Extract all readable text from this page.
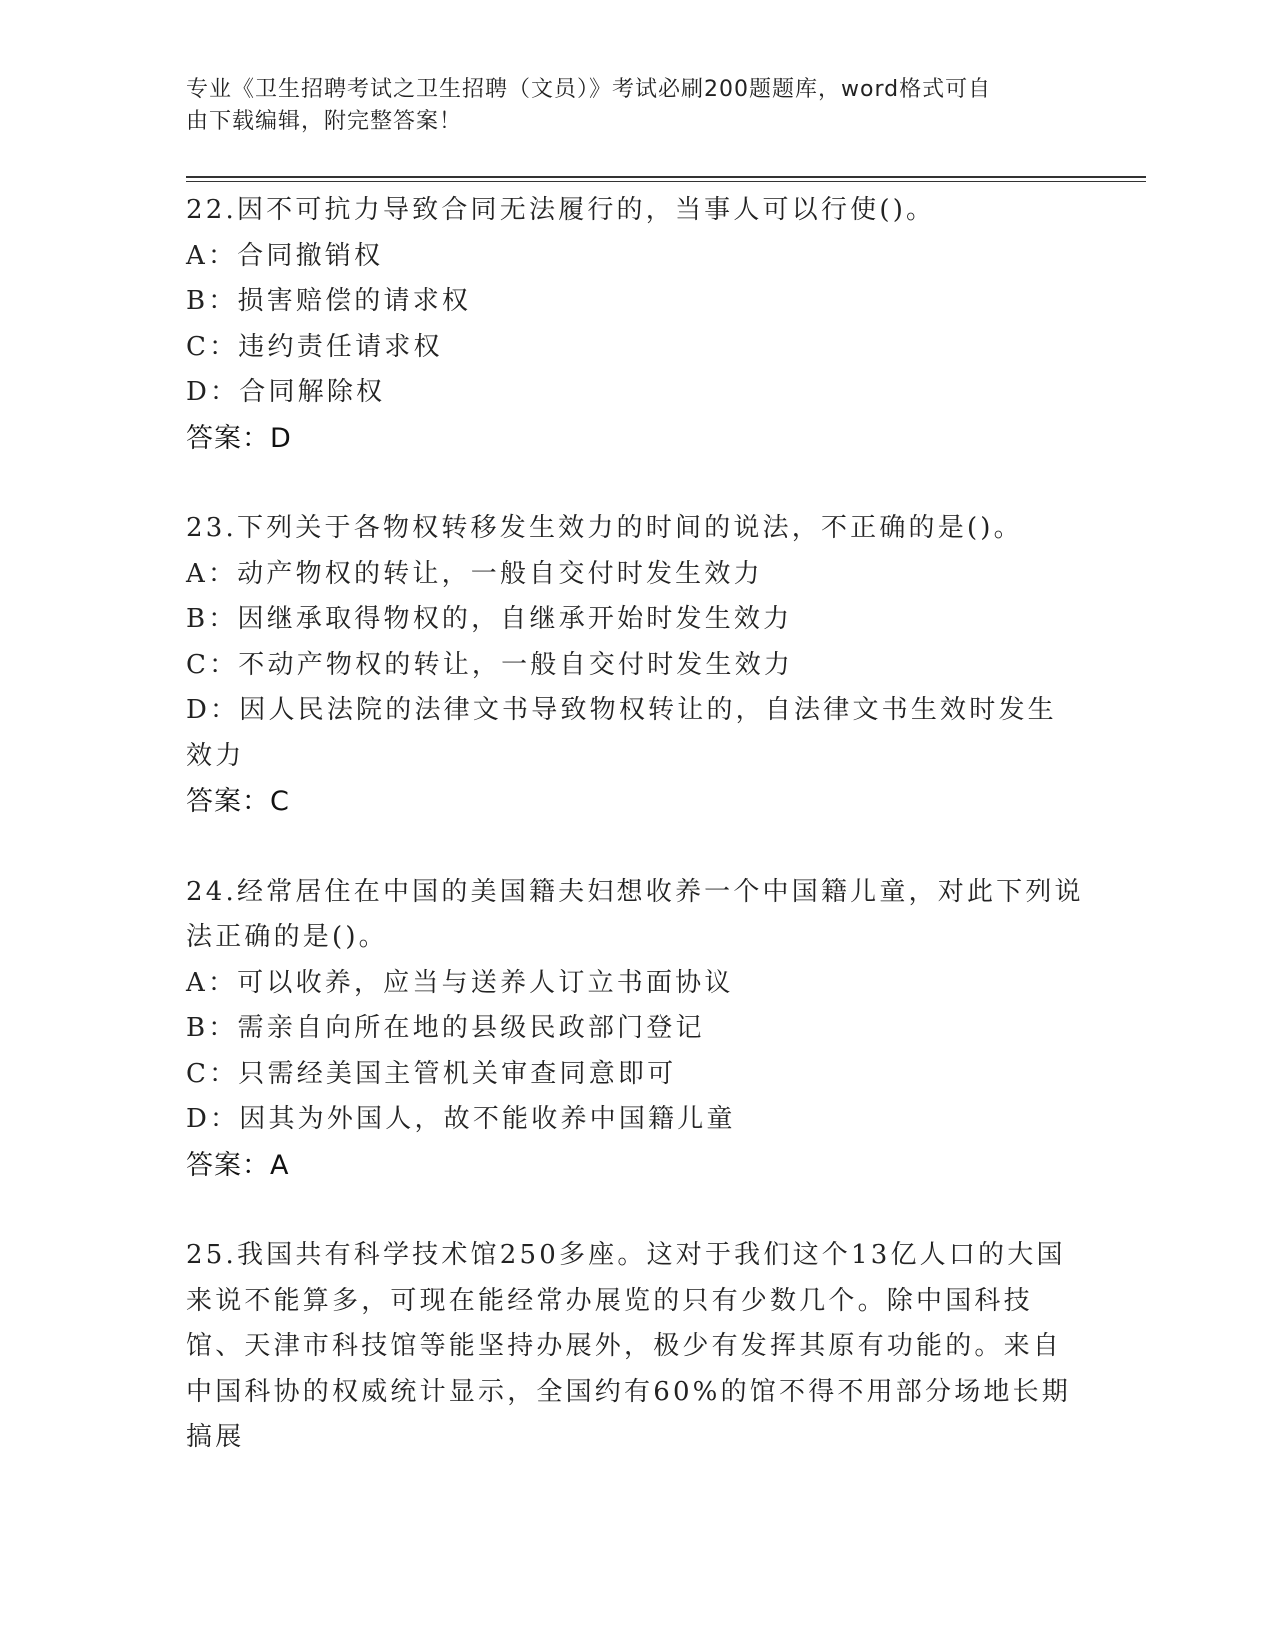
专业《卫生招聘考试之卫生招聘（文员）》考试必刷200题题库，word格式可自
由下载编辑，附完整答案！

22.因不可抗力导致合同无法履行的，当事人可以行使()。

A：合同撤销权

B：损害赔偿的请求权

C：违约责任请求权

D：合同解除权

答案：D

23.下列关于各物权转移发生效力的时间的说法，不正确的是()。

A：动产物权的转让，一般自交付时发生效力

B：因继承取得物权的，自继承开始时发生效力

C：不动产物权的转让，一般自交付时发生效力

D：因人民法院的法律文书导致物权转让的，自法律文书生效时发生效力

答案：C

24.经常居住在中国的美国籍夫妇想收养一个中国籍儿童，对此下列说法正确的是()。

A：可以收养，应当与送养人订立书面协议

B：需亲自向所在地的县级民政部门登记

C：只需经美国主管机关审查同意即可

D：因其为外国人，故不能收养中国籍儿童

答案：A

25.我国共有科学技术馆250多座。这对于我们这个13亿人口的大国来说不能算多，可现在能经常办展览的只有少数几个。除中国科技馆、天津市科技馆等能坚持办展外，极少有发挥其原有功能的。来自中国科协的权威统计显示，全国约有60%的馆不得不用部分场地长期搞展
